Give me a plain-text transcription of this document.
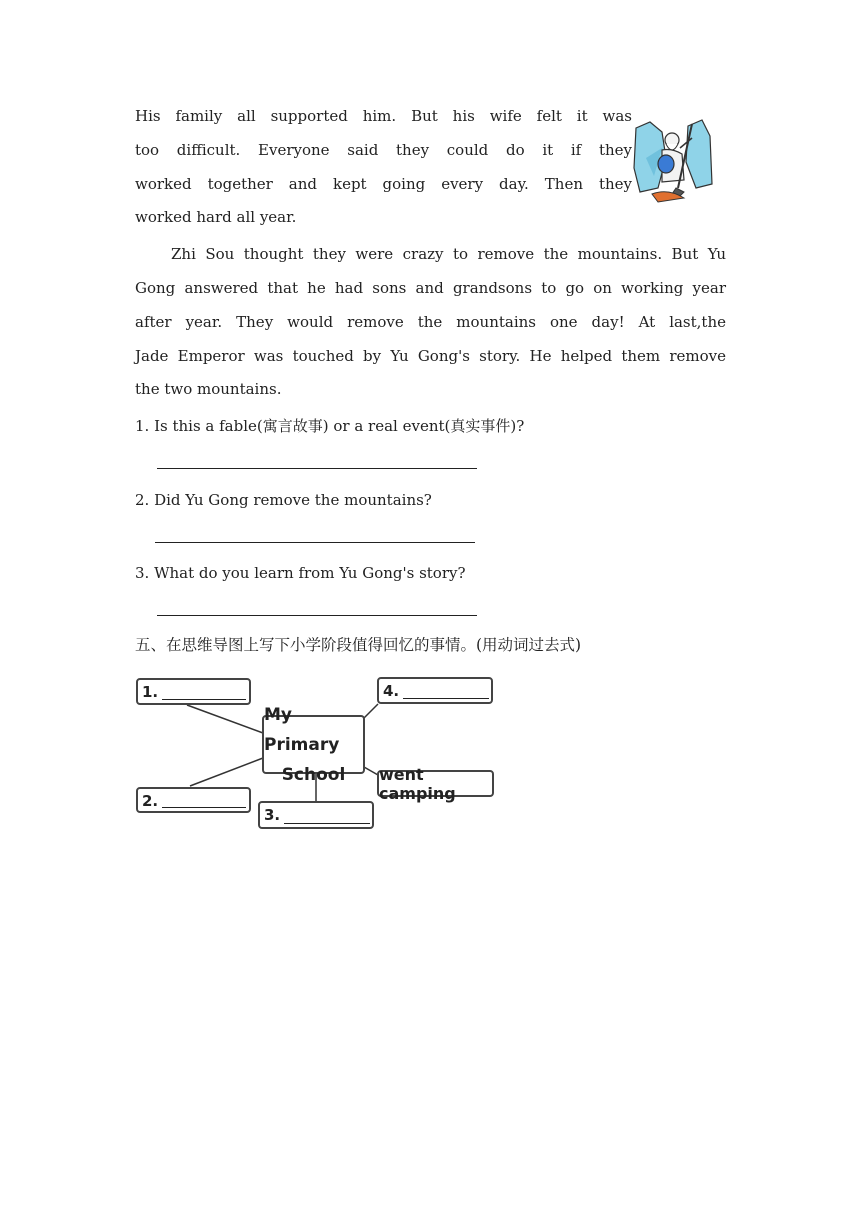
His family all supported him. But his wife felt it was
too difficult. Everyone said they could do it if they
worked together and kept going every day. Then they
worked hard all year.
Zhi Sou thought they were crazy to remove the mountains. But Yu
Gong answered that he had sons and grandsons to go on working year
after year. They would remove the mountains one day! At last,the
Jade Emperor was touched by Yu Gong's story. He helped them remove
the two mountains.
1. Is this a fable(寓言故事) or a real event(真实事件)?
2. Did Yu Gong remove the mountains?
3. What do you learn from Yu Gong's story?
五、在思维导图上写下小学阶段值得回忆的事情。(用动词过去式)
1.	4.
My Primary
School went camping
2.
3.
